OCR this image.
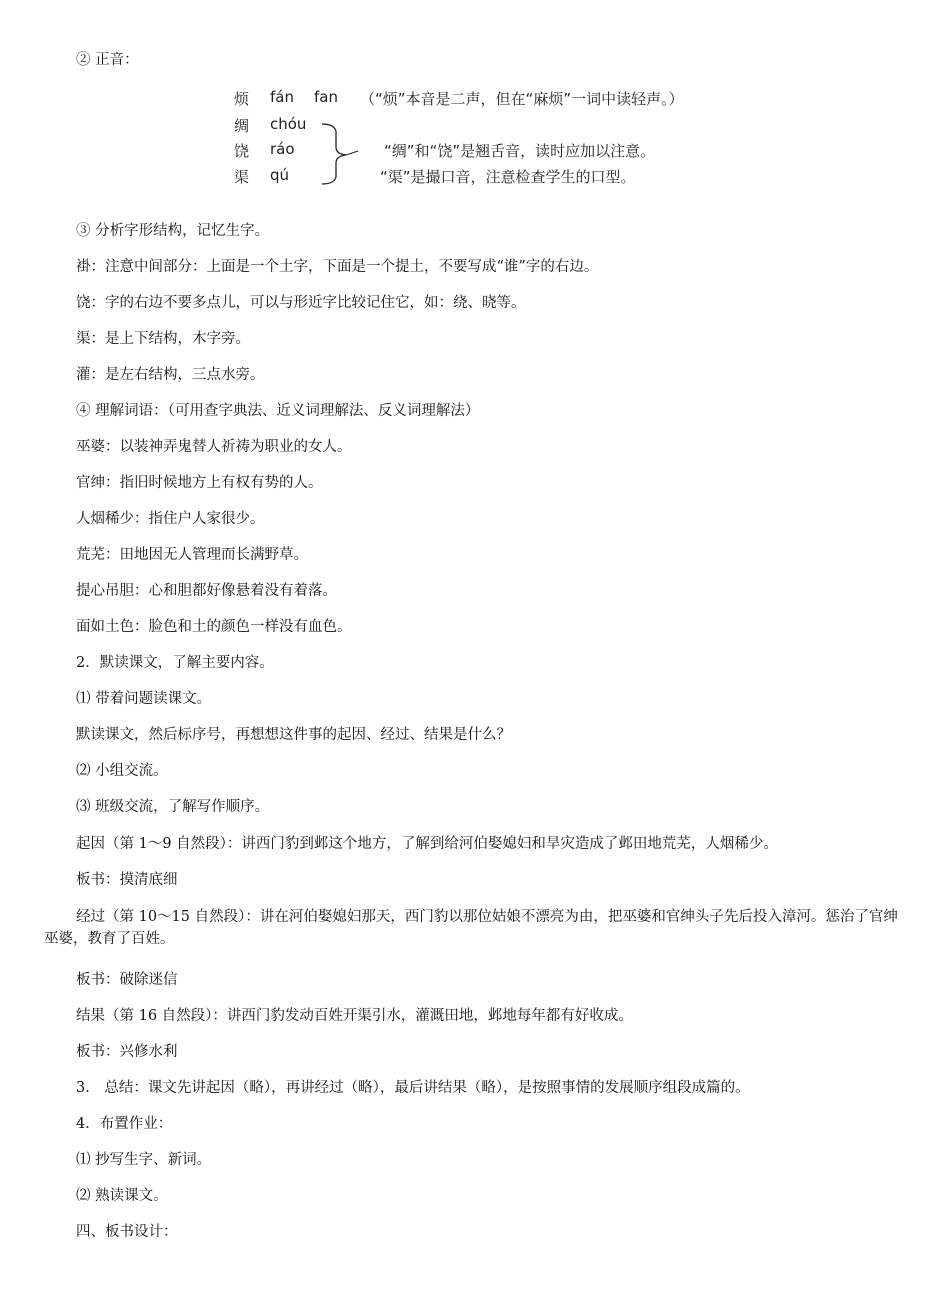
② 正音：
烦 fán fan （“烦”本音是二声，但在“麻烦”一词中读轻声。）
绸 chóu
饶 ráo	“绸”和“饶”是翘舌音，读时应加以注意。
渠 qú	“渠”是撮口音，注意检查学生的口型。
③ 分析字形结构，记忆生字。
褂：注意中间部分：上面是一个土字，下面是一个提土，不要写成“谁”字的右边。
饶：字的右边不要多点儿，可以与形近字比较记住它，如：绕、晓等。
渠：是上下结构，木字旁。
灌：是左右结构，三点水旁。
④ 理解词语：（可用查字典法、近义词理解法、反义词理解法）
巫婆：以装神弄鬼替人祈祷为职业的女人。
官绅：指旧时候地方上有权有势的人。
人烟稀少：指住户人家很少。
荒芜：田地因无人管理而长满野草。
提心吊胆：心和胆都好像悬着没有着落。
面如土色：脸色和土的颜色一样没有血色。
2．默读课文，了解主要内容。
⑴ 带着问题读课文。
默读课文，然后标序号，再想想这件事的起因、经过、结果是什么？
⑵ 小组交流。
⑶ 班级交流，了解写作顺序。
起因（第 1～9 自然段）：讲西门豹到邺这个地方，了解到给河伯娶媳妇和旱灾造成了邺田地荒芜，人烟稀少。
板书：摸清底细
经过（第 10～15 自然段）：讲在河伯娶媳妇那天，西门豹以那位姑娘不漂亮为由，把巫婆和官绅头子先后投入漳河。惩治了官绅巫婆，教育了百姓。
板书：破除迷信
结果（第 16 自然段）：讲西门豹发动百姓开渠引水，灌溉田地，邺地每年都有好收成。
板书：兴修水利
3． 总结：课文先讲起因（略），再讲经过（略），最后讲结果（略），是按照事情的发展顺序组段成篇的。
4．布置作业：
⑴ 抄写生字、新词。
⑵ 熟读课文。
四、板书设计：
